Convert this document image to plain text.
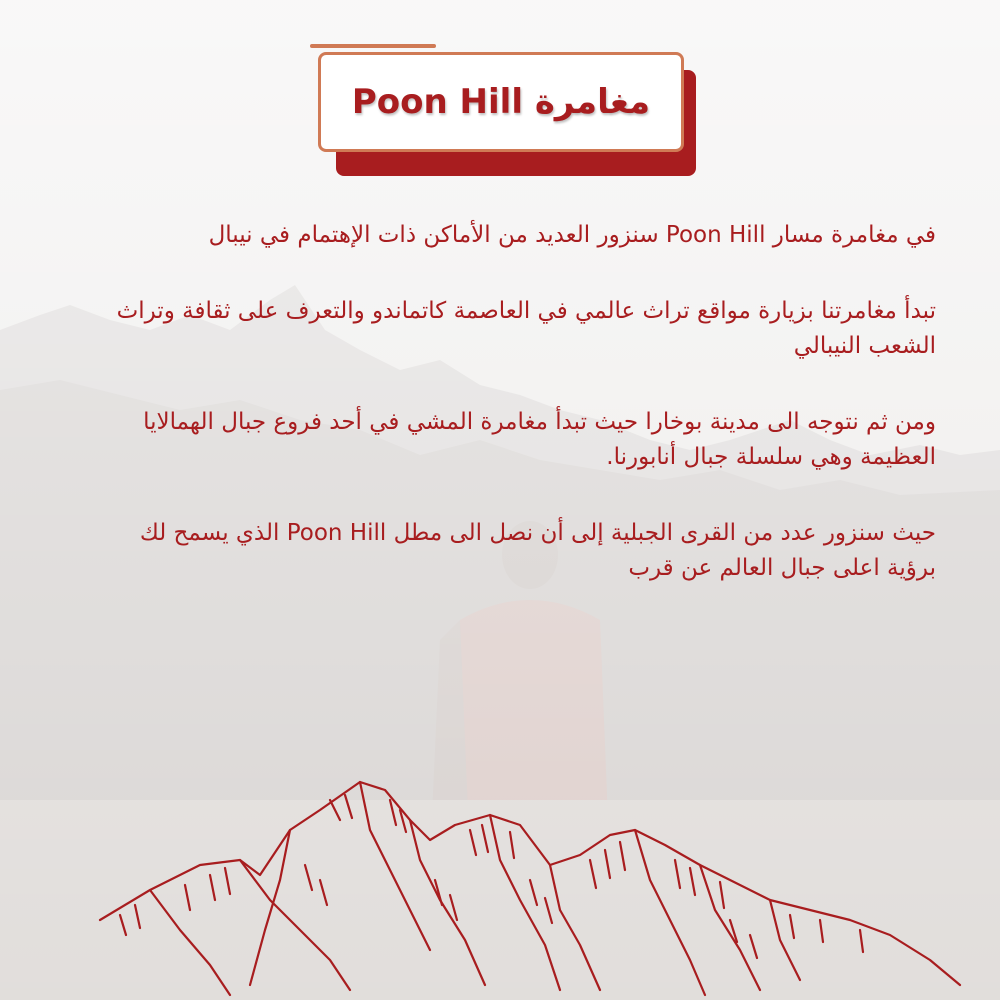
مغامرة Poon Hill

في مغامرة مسار Poon Hill سنزور العديد من الأماكن ذات الإهتمام في نيبال

تبدأ مغامرتنا بزيارة مواقع تراث عالمي في العاصمة كاتماندو والتعرف على ثقافة وتراث الشعب النيبالي

ومن ثم نتوجه الى مدينة بوخارا حيث تبدأ مغامرة المشي في أحد فروع جبال الهمالايا العظيمة وهي سلسلة جبال أنابورنا.

حيث سنزور عدد من القرى الجبلية إلى أن نصل الى مطل Poon Hill الذي يسمح لك برؤية اعلى جبال العالم عن قرب
